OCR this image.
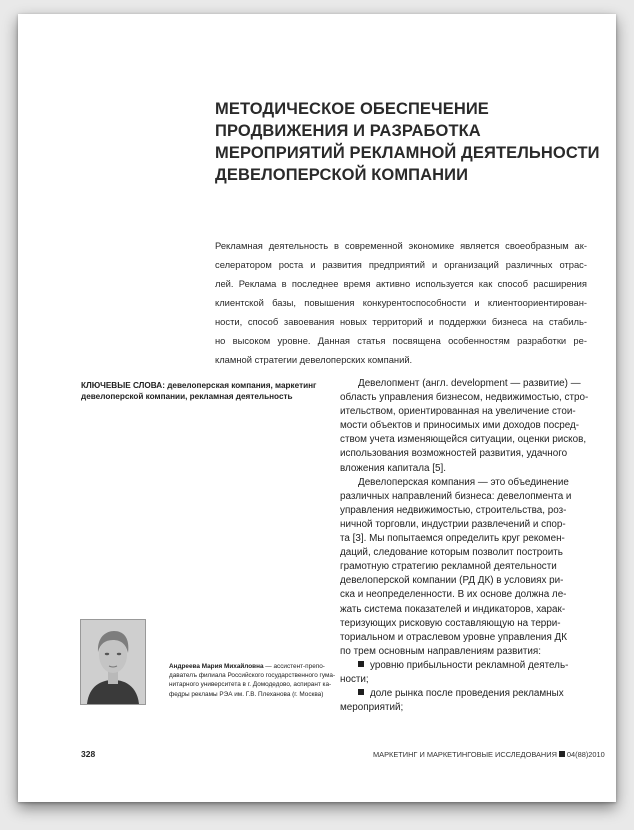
МЕТОДИЧЕСКОЕ ОБЕСПЕЧЕНИЕ
ПРОДВИЖЕНИЯ И РАЗРАБОТКА
МЕРОПРИЯТИЙ РЕКЛАМНОЙ ДЕЯТЕЛЬНОСТИ
ДЕВЕЛОПЕРСКОЙ КОМПАНИИ
Рекламная деятельность в современной экономике является своеобразным ак-
селератором роста и развития предприятий и организаций различных отрас-
лей. Реклама в последнее время активно используется как способ расширения
клиентской базы, повышения конкурентоспособности и клиентоориентирован-
ности, способ завоевания новых территорий и поддержки бизнеса на стабиль-
но высоком уровне. Данная статья посвящена особенностям разработки ре-
кламной стратегии девелоперских компаний.
КЛЮЧЕВЫЕ СЛОВА: девелоперская компания, маркетинг
девелоперской компании, рекламная деятельность
Девелопмент (англ. development — развитие) —
область управления бизнесом, недвижимостью, стро-
ительством, ориентированная на увеличение стои-
мости объектов и приносимых ими доходов посред-
ством учета изменяющейся ситуации, оценки рисков,
использования возможностей развития, удачного
вложения капитала [5].
Девелоперская компания — это объединение
различных направлений бизнеса: девелопмента и
управления недвижимостью, строительства, роз-
ничной торговли, индустрии развлечений и спор-
та [3]. Мы попытаемся определить круг рекомен-
даций, следование которым позволит построить
грамотную стратегию рекламной деятельности
девелоперской компании (РД ДК) в условиях ри-
ска и неопределенности. В их основе должна ле-
жать система показателей и индикаторов, харак-
теризующих рисковую составляющую на терри-
ториальном и отраслевом уровне управления ДК
по трем основным направлениям развития:
уровню прибыльности рекламной деятель-
ности;
доле рынка после проведения рекламных
мероприятий;
Андреева Мария Михайловна — ассистент-препо-
давателъ филиала Российского государственного гума-
нитарного университета в г. Домодедово, аспирант ка-
федры рекламы РЭА им. Г.В. Плеханова (г. Москва)
328	МАРКЕТИНГ И МАРКЕТИНГОВЫЕ ИССЛЕДОВАНИЯ 04(88)2010
